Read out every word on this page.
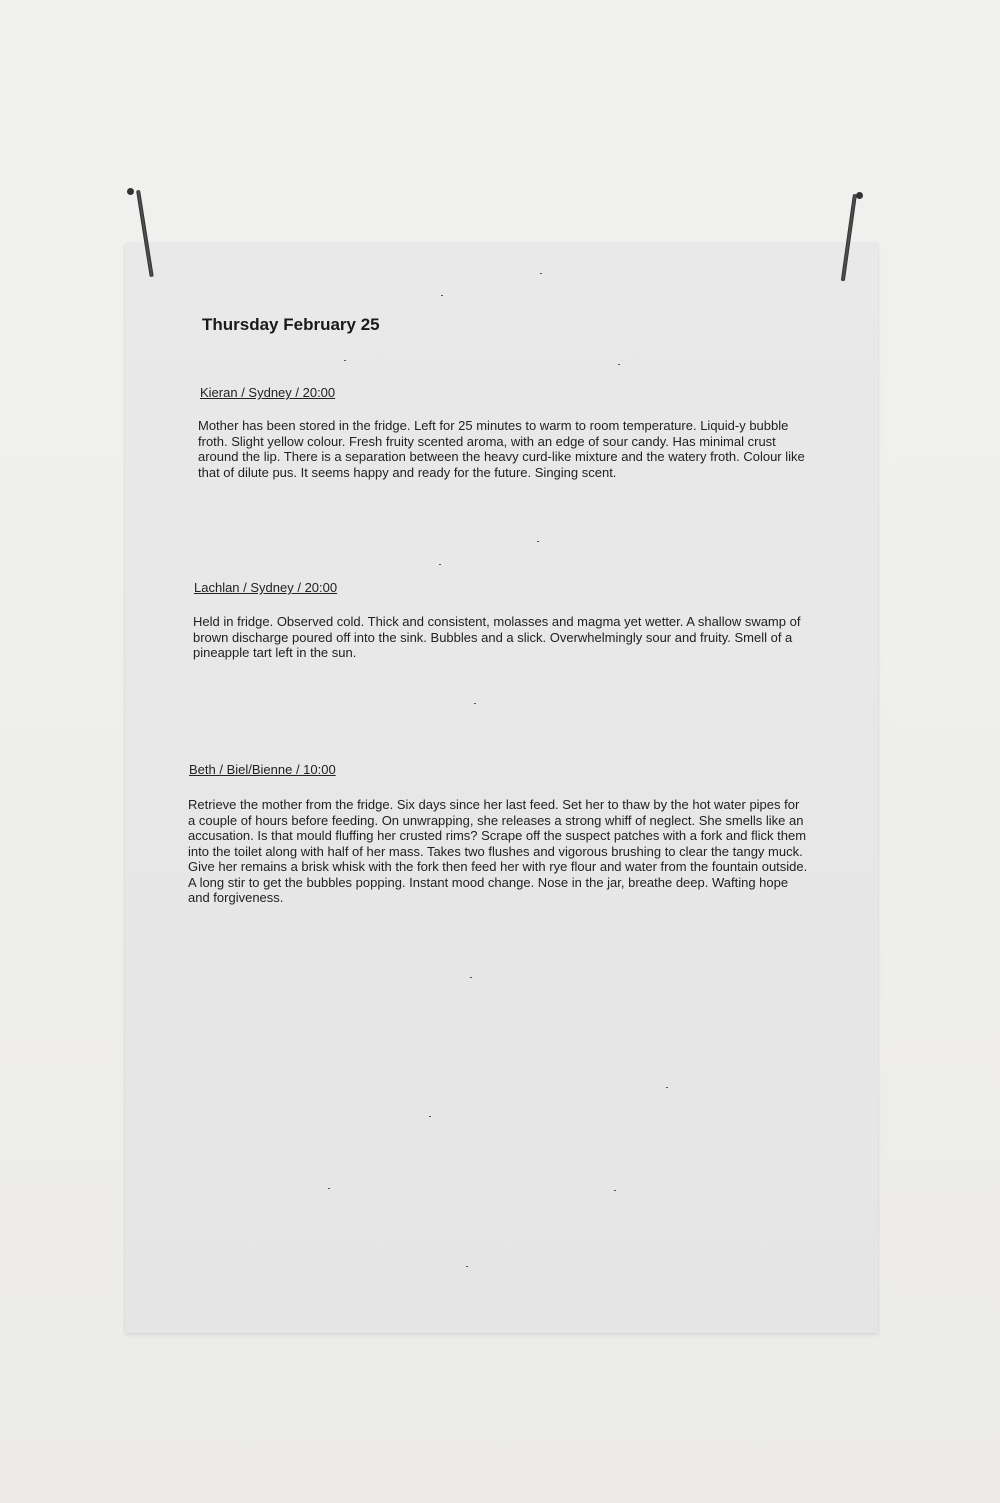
Thursday February 25
Kieran / Sydney / 20:00
Mother has been stored in the fridge. Left for 25 minutes to warm to room temperature. Liquid-y bubble froth. Slight yellow colour. Fresh fruity scented aroma, with an edge of sour candy. Has minimal crust around the lip. There is a separation between the heavy curd-like mixture and the watery froth. Colour like that of dilute pus. It seems happy and ready for the future. Singing scent.
Lachlan / Sydney / 20:00
Held in fridge. Observed cold. Thick and consistent, molasses and magma yet wetter. A shallow swamp of brown discharge poured off into the sink. Bubbles and a slick. Overwhelmingly sour and fruity. Smell of a pineapple tart left in the sun.
Beth / Biel/Bienne / 10:00
Retrieve the mother from the fridge. Six days since her last feed. Set her to thaw by the hot water pipes for a couple of hours before feeding. On unwrapping, she releases a strong whiff of neglect. She smells like an accusation. Is that mould fluffing her crusted rims? Scrape off the suspect patches with a fork and flick them into the toilet along with half of her mass. Takes two flushes and vigorous brushing to clear the tangy muck. Give her remains a brisk whisk with the fork then feed her with rye flour and water from the fountain outside. A long stir to get the bubbles popping. Instant mood change. Nose in the jar, breathe deep. Wafting hope and forgiveness.
